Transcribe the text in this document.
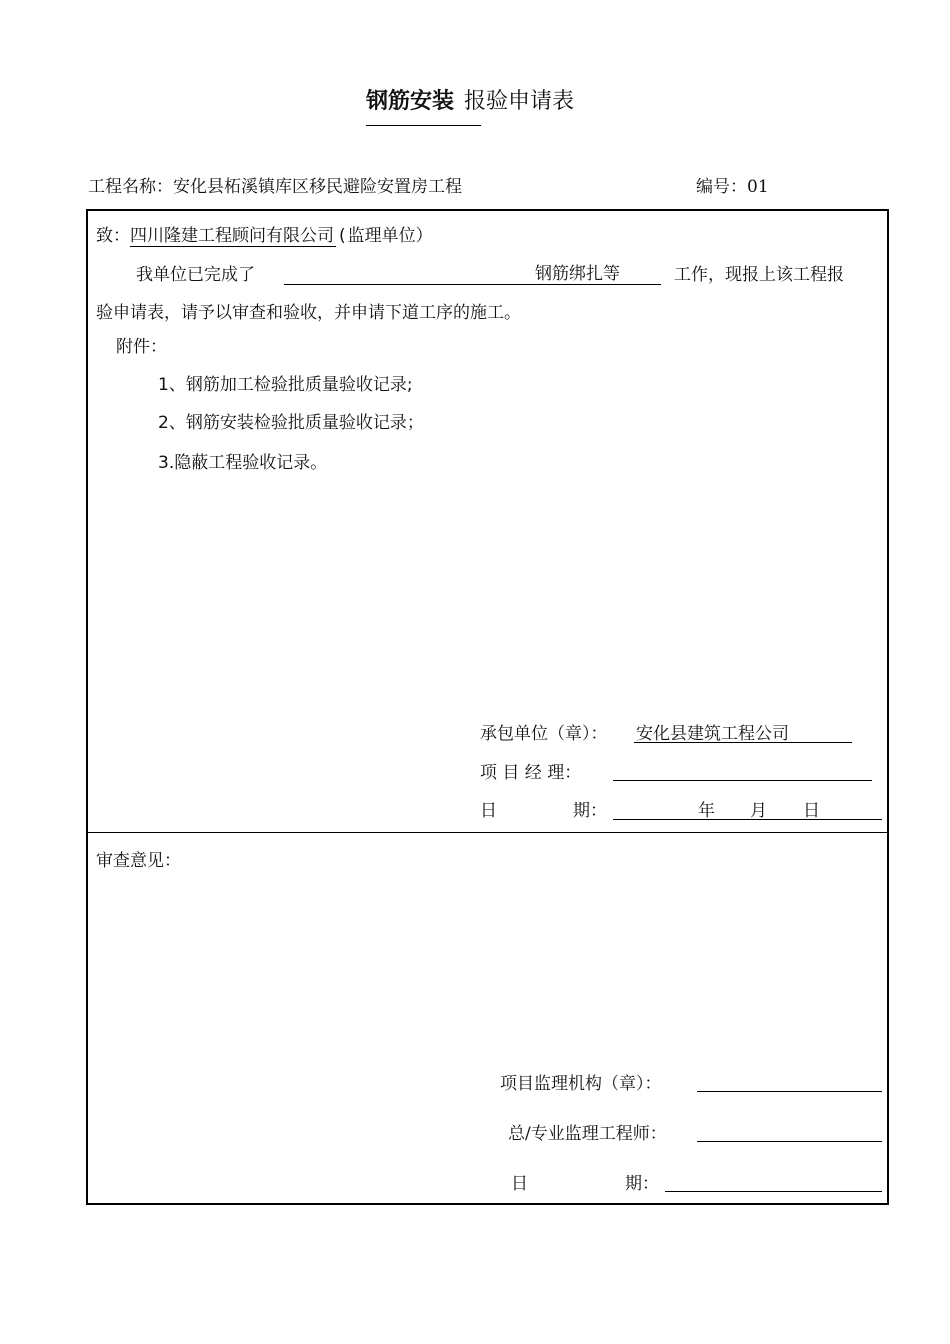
钢筋安装 报验申请表
工程名称：安化县柘溪镇库区移民避险安置房工程	编号：01
致：四川隆建工程顾问有限公司 ( 监理单位）
我单位已完成了	钢筋绑扎等	工作，现报上该工程报
验申请表，请予以审查和验收，并申请下道工序的施工。
附件：
1、钢筋加工检验批质量验收记录;
2、钢筋安装检验批质量验收记录；
3.隐蔽工程验收记录。
承包单位（章）： 安化县建筑工程公司
项 目 经 理：
日	期：	年 月 日
审查意见：
项目监理机构（章）：
总/专业监理工程师：
日	期：
